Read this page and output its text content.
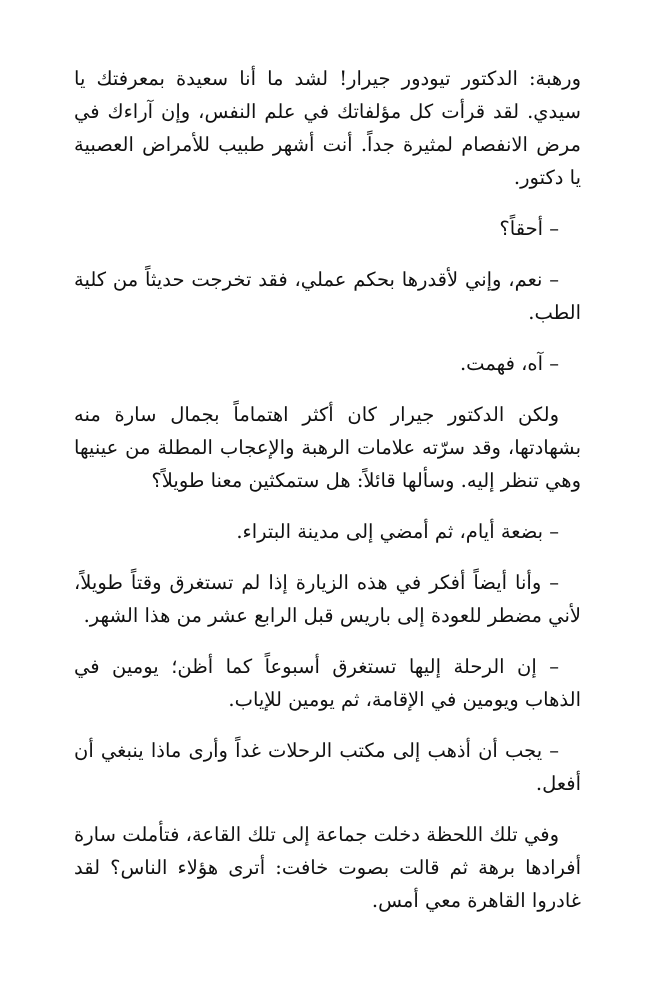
ورهبة: الدكتور تيودور جيرار! لشد ما أنا سعيدة بمعرفتك يا سيدي. لقد قرأت كل مؤلفاتك في علم النفس، وإن آراءك في مرض الانفصام لمثيرة جداً. أنت أشهر طبيب للأمراض العصبية يا دكتور.

– أحقاً؟

– نعم، وإني لأقدرها بحكم عملي، فقد تخرجت حديثاً من كلية الطب.

– آه، فهمت.

ولكن الدكتور جيرار كان أكثر اهتماماً بجمال سارة منه بشهادتها، وقد سرّته علامات الرهبة والإعجاب المطلة من عينيها وهي تنظر إليه. وسألها قائلاً: هل ستمكثين معنا طويلاً؟

– بضعة أيام، ثم أمضي إلى مدينة البتراء.

– وأنا أيضاً أفكر في هذه الزيارة إذا لم تستغرق وقتاً طويلاً، لأني مضطر للعودة إلى باريس قبل الرابع عشر من هذا الشهر.

– إن الرحلة إليها تستغرق أسبوعاً كما أظن؛ يومين في الذهاب ويومين في الإقامة، ثم يومين للإياب.

– يجب أن أذهب إلى مكتب الرحلات غداً وأرى ماذا ينبغي أن أفعل.

وفي تلك اللحظة دخلت جماعة إلى تلك القاعة، فتأملت سارة أفرادها برهة ثم قالت بصوت خافت: أترى هؤلاء الناس؟ لقد غادروا القاهرة معي أمس.
